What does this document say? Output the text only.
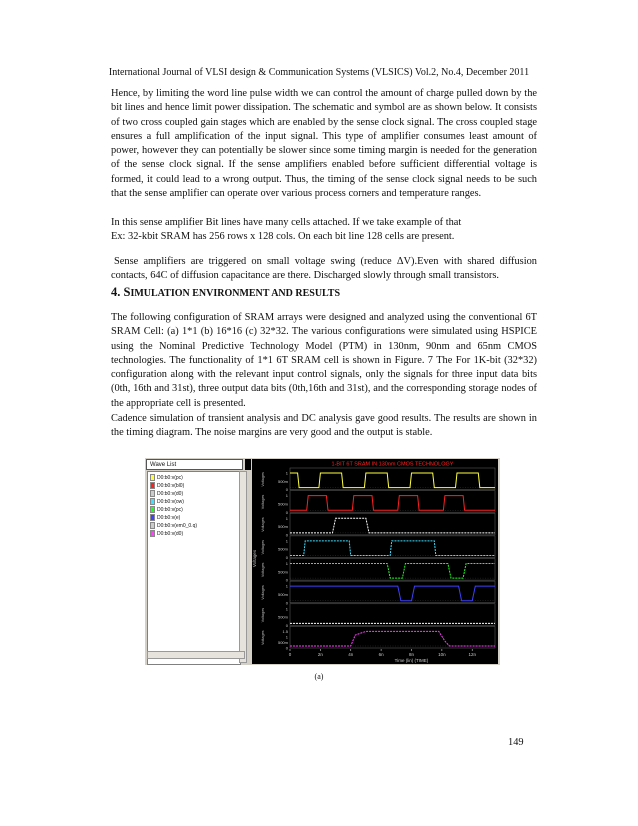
International Journal of VLSI design & Communication Systems (VLSICS) Vol.2, No.4, December 2011
Hence, by limiting the word line pulse width we can control the amount of charge pulled down by the bit lines and hence limit power dissipation. The schematic and symbol are as shown below. It consists of two cross coupled gain stages which are enabled by the sense clock signal. The cross coupled stage ensures a full amplification of the input signal. This type of amplifier consumes least amount of power, however they can potentially be slower since some timing margin is needed for the generation of the sense clock signal. If the sense amplifiers enabled before sufficient differential voltage is formed, it could lead to a wrong output. Thus, the timing of the sense clock signal needs to be such that the sense amplifier can operate over various process corners and temperature ranges.
In this sense amplifier Bit lines have many cells attached. If we take example of that
Ex: 32-kbit SRAM has 256 rows x 128 cols. On each bit line 128 cells are present.
Sense amplifiers are triggered on small voltage swing (reduce ΔV).Even with shared diffusion contacts, 64C of diffusion capacitance are there. Discharged slowly through small transistors.
4. SIMULATION ENVIRONMENT AND RESULTS
The following configuration of SRAM arrays were designed and analyzed using the conventional 6T SRAM Cell: (a) 1*1 (b) 16*16 (c) 32*32. The various configurations were simulated using HSPICE using the Nominal Predictive Technology Model (PTM) in 130nm, 90nm and 65nm CMOS technologies. The functionality of 1*1 6T SRAM cell is shown in Figure. 7 The For 1K-bit (32*32) configuration along with the relevant input control signals, only the signals for three input data bits (0th, 16th and 31st), three output data bits (0th,16th and 31st), and the corresponding storage nodes of the appropriate cell is presented.
Cadence simulation of transient analysis and DC analysis gave good results. The results are shown in the timing diagram. The noise margins are very good and the output is stable.
Wave List
D0:b0:v(pc)
D0:b0:v(bl0)
D0:b0:v(d0)
D0:b0:v(ow)
D0:b0:v(pc)
D0:b0:v(e)
D0:b0:v(em0_0.q)
D0:b0:v(d0)
1-BIT 6T SRAM IN 130nm CMOS TECHNOLOGY
Voltages
Voltages	1
500m
0
Voltages	1
500m
0
Voltages	1
500m
0
Voltages	1
500m
0
Voltages	1
500m
0
Voltages	1
500m
0
Voltages	1
500m
0
Voltages	1.5
1
500m
0
0	2n	4n	6n	8n	10n	12n
Time (lin) (TIME)
(a)
149
